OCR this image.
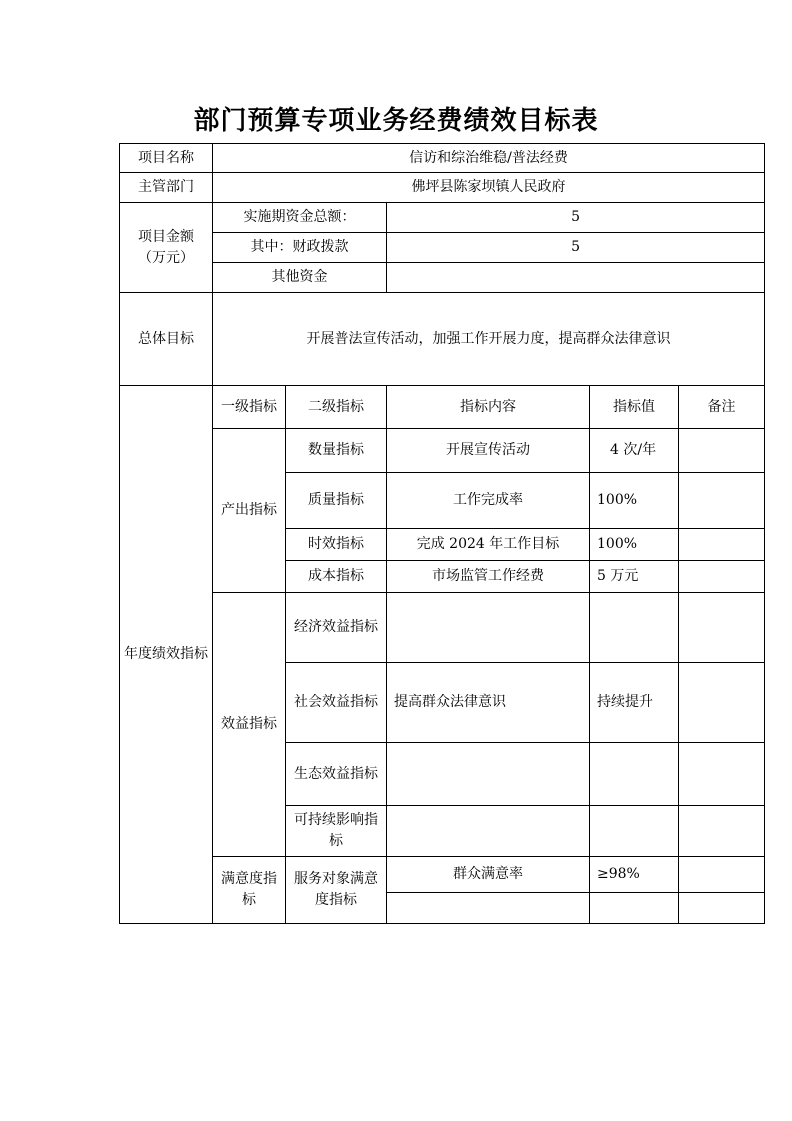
部门预算专项业务经费绩效目标表
项目名称	信访和综治维稳/普法经费				
主管部门	佛坪县陈家坝镇人民政府				
项目金额
（万元）	实施期资金总额：		5		
	其中：财政拨款		5		
	其他资金				
总体目标	开展普法宣传活动，加强工作开展力度，提高群众法律意识				
年度绩效指标	一级指标	二级指标	指标内容	指标值	备注
	产出指标	数量指标	开展宣传活动	4 次/年	
		质量指标	工作完成率	100%	
		时效指标	完成 2024 年工作目标	100%	
		成本指标	市场监管工作经费	5 万元	
	效益指标	经济效益指标			
		社会效益指标	提高群众法律意识	持续提升	
		生态效益指标			
		可持续影响指标			
	满意度指标	服务对象满意度指标	群众满意率	≥98%	
